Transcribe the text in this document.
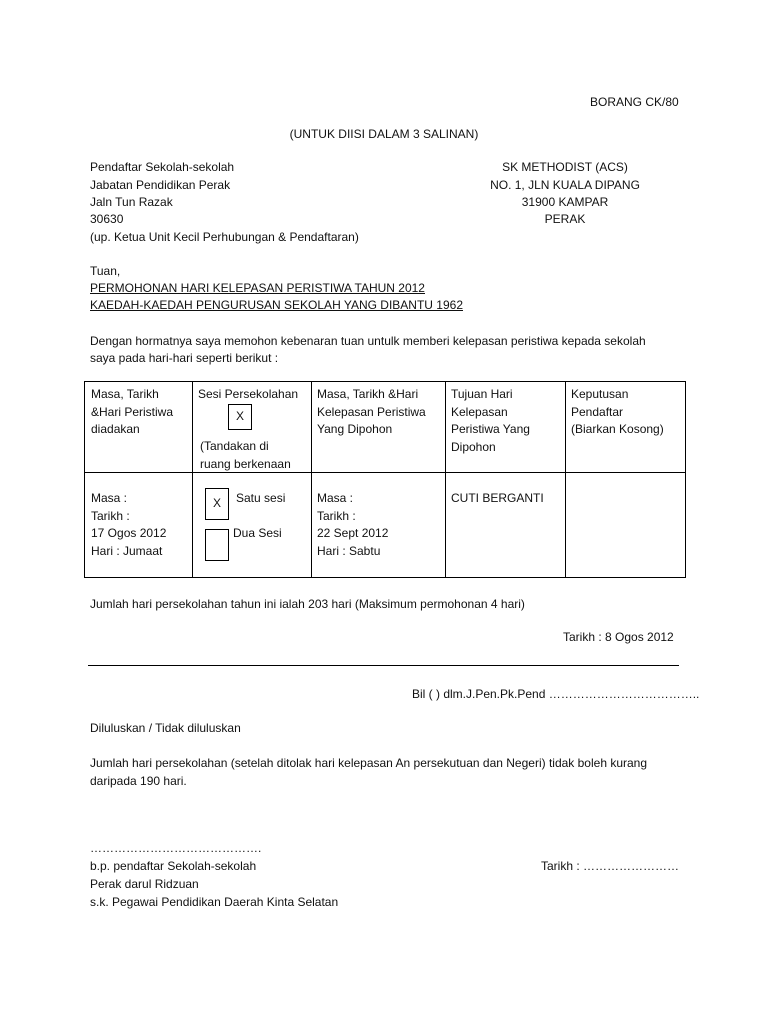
BORANG CK/80
(UNTUK DIISI DALAM 3 SALINAN)
Pendaftar Sekolah-sekolah
Jabatan Pendidikan Perak
Jaln Tun Razak
30630
(up. Ketua Unit Kecil Perhubungan & Pendaftaran)
SK METHODIST (ACS)
NO. 1, JLN KUALA DIPANG
31900 KAMPAR
PERAK
Tuan,
PERMOHONAN HARI KELEPASAN PERISTIWA TAHUN 2012
KAEDAH-KAEDAH PENGURUSAN SEKOLAH YANG DIBANTU 1962
Dengan hormatnya saya memohon kebenaran tuan untulk memberi kelepasan peristiwa kepada sekolah
saya pada hari-hari seperti berikut :
Masa, Tarikh
&Hari Peristiwa
diadakan
Sesi Persekolahan
X
(Tandakan di
ruang berkenaan
Masa, Tarikh &Hari
Kelepasan Peristiwa
Yang Dipohon
Tujuan Hari
Kelepasan
Peristiwa Yang
Dipohon
Keputusan
Pendaftar
(Biarkan Kosong)
Masa :
Tarikh :
17 Ogos 2012
Hari : Jumaat
X	Satu sesi
Dua Sesi
Masa :
Tarikh :
22 Sept 2012
Hari : Sabtu
CUTI BERGANTI
Jumlah hari persekolahan tahun ini ialah 203 hari (Maksimum permohonan 4 hari)
Tarikh : 8 Ogos 2012
Bil ( ) dlm.J.Pen.Pk.Pend ………………………………..
Diluluskan / Tidak diluluskan
Jumlah hari persekolahan (setelah ditolak hari kelepasan An persekutuan dan Negeri) tidak boleh kurang
daripada 190 hari.
…………………………………….
b.p. pendaftar Sekolah-sekolah
Perak darul Ridzuan
s.k. Pegawai Pendidikan Daerah Kinta Selatan
Tarikh : ……………………
